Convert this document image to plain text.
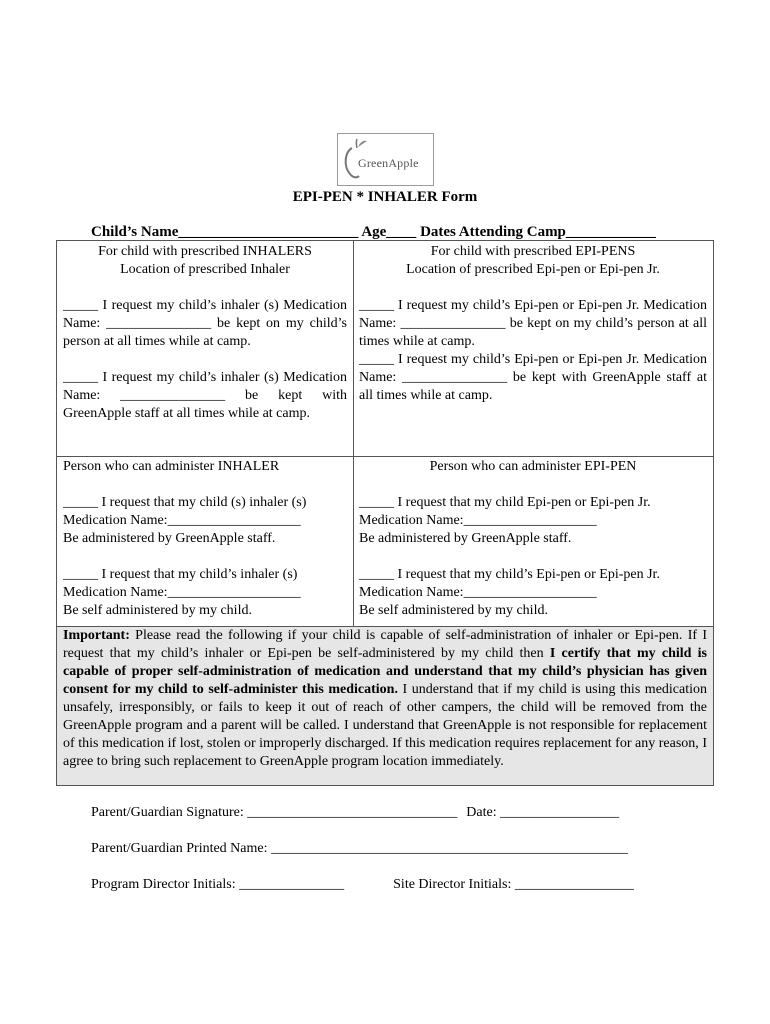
GreenApple
EPI-PEN * INHALER Form
Child’s Name________________________ Age____ Dates Attending Camp____________

For child with prescribed INHALERS

Location of prescribed Inhaler

_____ I request my child’s inhaler (s) Medication Name: _______________ be kept on my child’s person at all times while at camp.

_____ I request my child’s inhaler (s) Medication Name: _______________ be kept with GreenApple staff at all times while at camp.

For child with prescribed EPI-PENS

Location of prescribed Epi-pen or Epi-pen Jr.

_____ I request my child’s Epi-pen or Epi-pen Jr. Medication Name: _______________ be kept on my child’s person at all times while at camp.

_____ I request my child’s Epi-pen or Epi-pen Jr. Medication Name: _______________ be kept with GreenApple staff at all times while at camp.

Person who can administer INHALER

_____ I request that my child (s) inhaler (s)

Medication Name:___________________

Be administered by GreenApple staff.

_____ I request that my child’s inhaler (s)

Medication Name:___________________

Be self administered by my child.

Person who can administer EPI-PEN

_____ I request that my child Epi-pen or Epi-pen Jr.

Medication Name:___________________

Be administered by GreenApple staff.

_____ I request that my child’s Epi-pen or Epi-pen Jr.

Medication Name:___________________

Be self administered by my child.

Important: Please read the following if your child is capable of self-administration of inhaler or Epi-pen. If I request that my child’s inhaler or Epi-pen be self-administered by my child then I certify that my child is capable of proper self-administration of medication and understand that my child’s physician has given consent for my child to self-administer this medication. I understand that if my child is using this medication unsafely, irresponsibly, or fails to keep it out of reach of other campers, the child will be removed from the GreenApple program and a parent will be called. I understand that GreenApple is not responsible for replacement of this medication if lost, stolen or improperly discharged. If this medication requires replacement for any reason, I agree to bring such replacement to GreenApple program location immediately.

Parent/Guardian Signature: ______________________________ Date: _________________
Parent/Guardian Printed Name: ___________________________________________________
Program Director Initials: _______________	Site Director Initials: _________________
